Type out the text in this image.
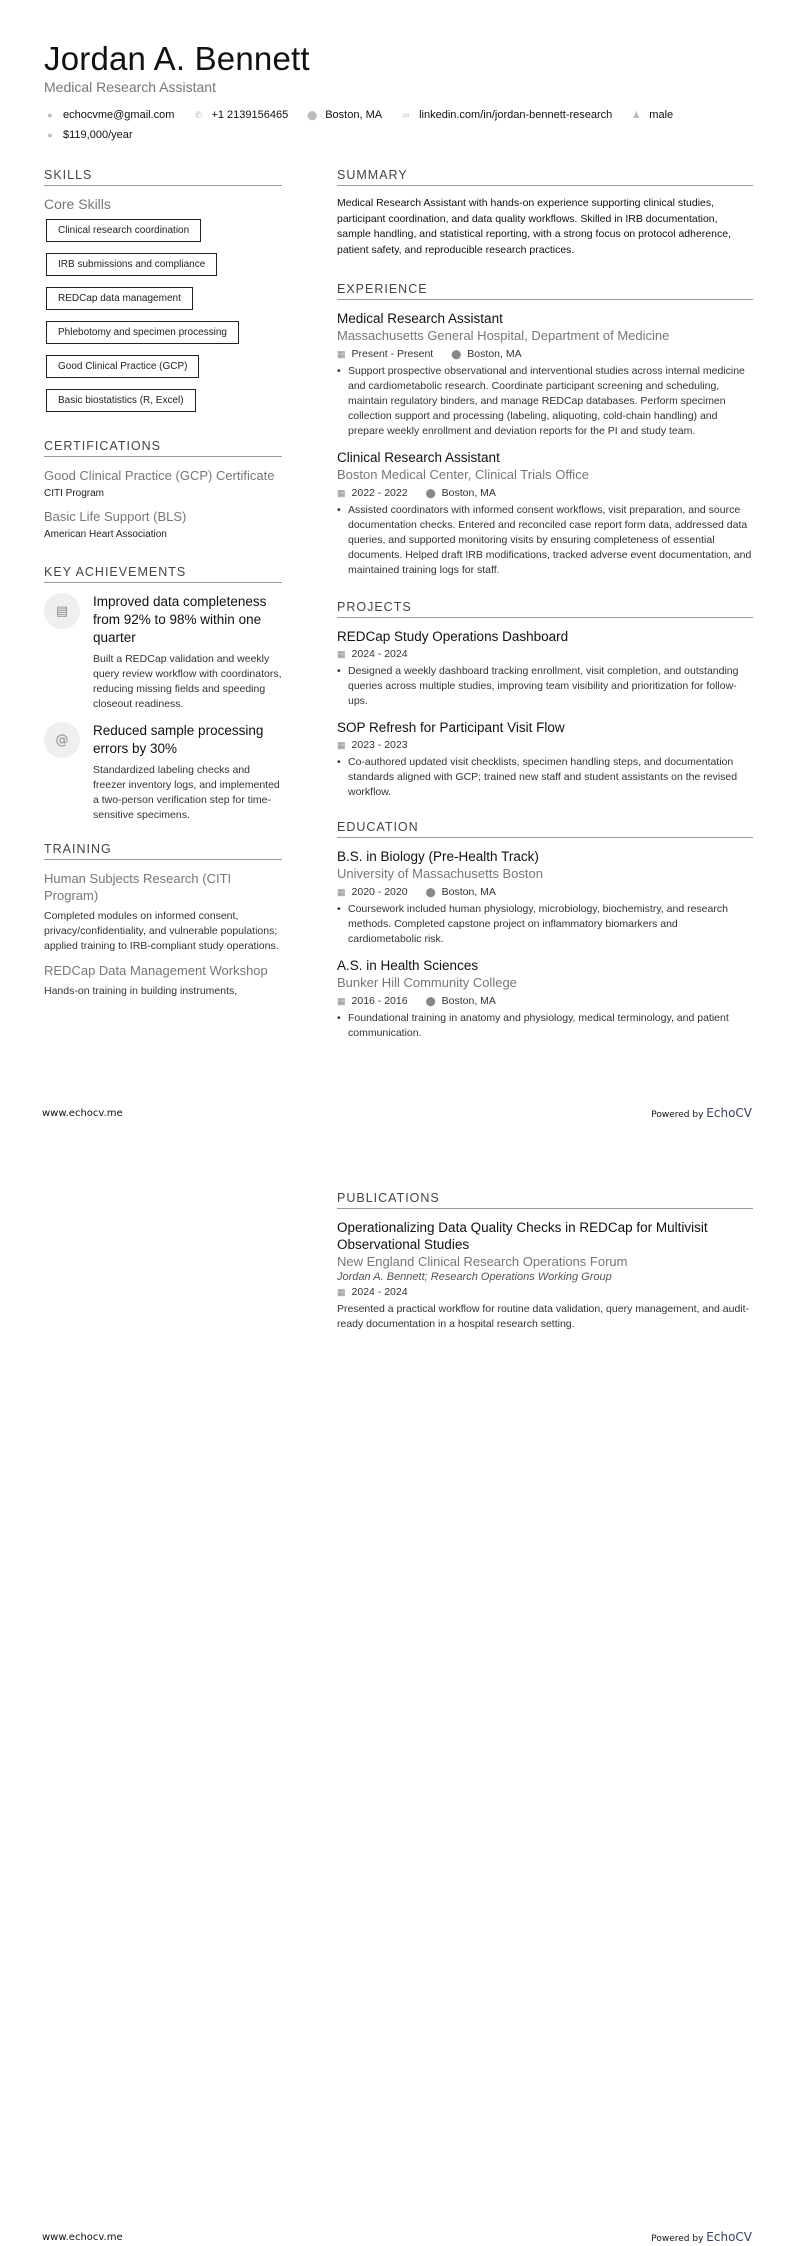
Jordan A. Bennett
Medical Research Assistant
● echocvme@gmail.com ✆ +1 2139156465 ⬤ Boston, MA	∞ linkedin.com/in/jordan-bennett-research ♟ male
● $119,000/year
SKILLS
Core Skills
Clinical research coordination
IRB submissions and compliance
REDCap data management
Phlebotomy and specimen processing
Good Clinical Practice (GCP)
Basic biostatistics (R, Excel)
CERTIFICATIONS
Good Clinical Practice (GCP) Certificate
CITI Program
Basic Life Support (BLS)
American Heart Association
KEY ACHIEVEMENTS
▤
Improved data completeness from 92% to 98% within one quarter
Built a REDCap validation and weekly query review workflow with coordinators, reducing missing fields and speeding closeout readiness.
@
Reduced sample processing errors by 30%
Standardized labeling checks and freezer inventory logs, and implemented a two-person verification step for time-sensitive specimens.
TRAINING
Human Subjects Research (CITI Program)
Completed modules on informed consent, privacy/confidentiality, and vulnerable populations; applied training to IRB-compliant study operations.
REDCap Data Management Workshop
Hands-on training in building instruments,
SUMMARY

Medical Research Assistant with hands-on experience supporting clinical studies, participant coordination, and data quality workflows. Skilled in IRB documentation, sample handling, and statistical reporting, with a strong focus on protocol adherence, patient safety, and reproducible research practices.

EXPERIENCE
Medical Research Assistant
Massachusetts General Hospital, Department of Medicine
▦ Present - Present ⬤ Boston, MA
• Support prospective observational and interventional studies across internal medicine and cardiometabolic research. Coordinate participant screening and scheduling, maintain regulatory binders, and manage REDCap databases. Perform specimen collection support and processing (labeling, aliquoting, cold-chain handling) and prepare weekly enrollment and deviation reports for the PI and study team.
Clinical Research Assistant
Boston Medical Center, Clinical Trials Office
▦ 2022 - 2022 ⬤ Boston, MA
• Assisted coordinators with informed consent workflows, visit preparation, and source documentation checks. Entered and reconciled case report form data, addressed data queries, and supported monitoring visits by ensuring completeness of essential documents. Helped draft IRB modifications, tracked adverse event documentation, and maintained training logs for staff.
PROJECTS
REDCap Study Operations Dashboard
▦ 2024 - 2024
• Designed a weekly dashboard tracking enrollment, visit completion, and outstanding queries across multiple studies, improving team visibility and prioritization for follow-ups.
SOP Refresh for Participant Visit Flow
▦ 2023 - 2023
• Co-authored updated visit checklists, specimen handling steps, and documentation standards aligned with GCP; trained new staff and student assistants on the revised workflow.
EDUCATION
B.S. in Biology (Pre-Health Track)
University of Massachusetts Boston
▦ 2020 - 2020 ⬤ Boston, MA
• Coursework included human physiology, microbiology, biochemistry, and research methods. Completed capstone project on inflammatory biomarkers and cardiometabolic risk.
A.S. in Health Sciences
Bunker Hill Community College
▦ 2016 - 2016 ⬤ Boston, MA
• Foundational training in anatomy and physiology, medical terminology, and patient communication.
www.echocv.me	Powered by EchoCV
PUBLICATIONS
Operationalizing Data Quality Checks in REDCap for Multivisit Observational Studies
New England Clinical Research Operations Forum
Jordan A. Bennett; Research Operations Working Group
▦ 2024 - 2024

Presented a practical workflow for routine data validation, query management, and audit-ready documentation in a hospital research setting.

www.echocv.me	Powered by EchoCV
